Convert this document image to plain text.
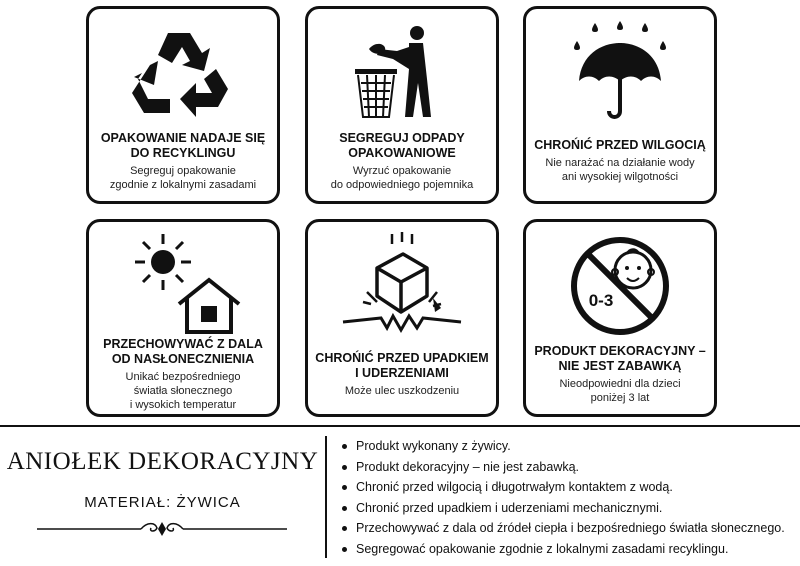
OPAKOWANIE NADAJE SIĘ
DO RECYKLINGU
Segreguj opakowanie
zgodnie z lokalnymi zasadami
SEGREGUJ ODPADY
OPAKOWANIOWE
Wyrzuć opakowanie
do odpowiedniego pojemnika
CHROŃIĆ PRZED WILGOCIĄ
Nie narażać na działanie wody
ani wysokiej wilgotności
PRZECHOWYWAĆ Z DALA
OD NASŁONECZNIENIA
Unikać bezpośredniego
światła słonecznego
i wysokich temperatur
CHROŃIĆ PRZED UPADKIEM
I UDERZENIAMI
Może ulec uszkodzeniu
0-3
PRODUKT DEKORACYJNY –
NIE JEST ZABAWKĄ
Nieodpowiedni dla dzieci
poniżej 3 lat
ANIOŁEK DEKORACYJNY
MATERIAŁ: ŻYWICA
Produkt wykonany z żywicy.
Produkt dekoracyjny – nie jest zabawką.
Chronić przed wilgocią i długotrwałym kontaktem z wodą.
Chronić przed upadkiem i uderzeniami mechanicznymi.
Przechowywać z dala od źródeł ciepła i bezpośredniego światła słonecznego.
Segregować opakowanie zgodnie z lokalnymi zasadami recyklingu.
